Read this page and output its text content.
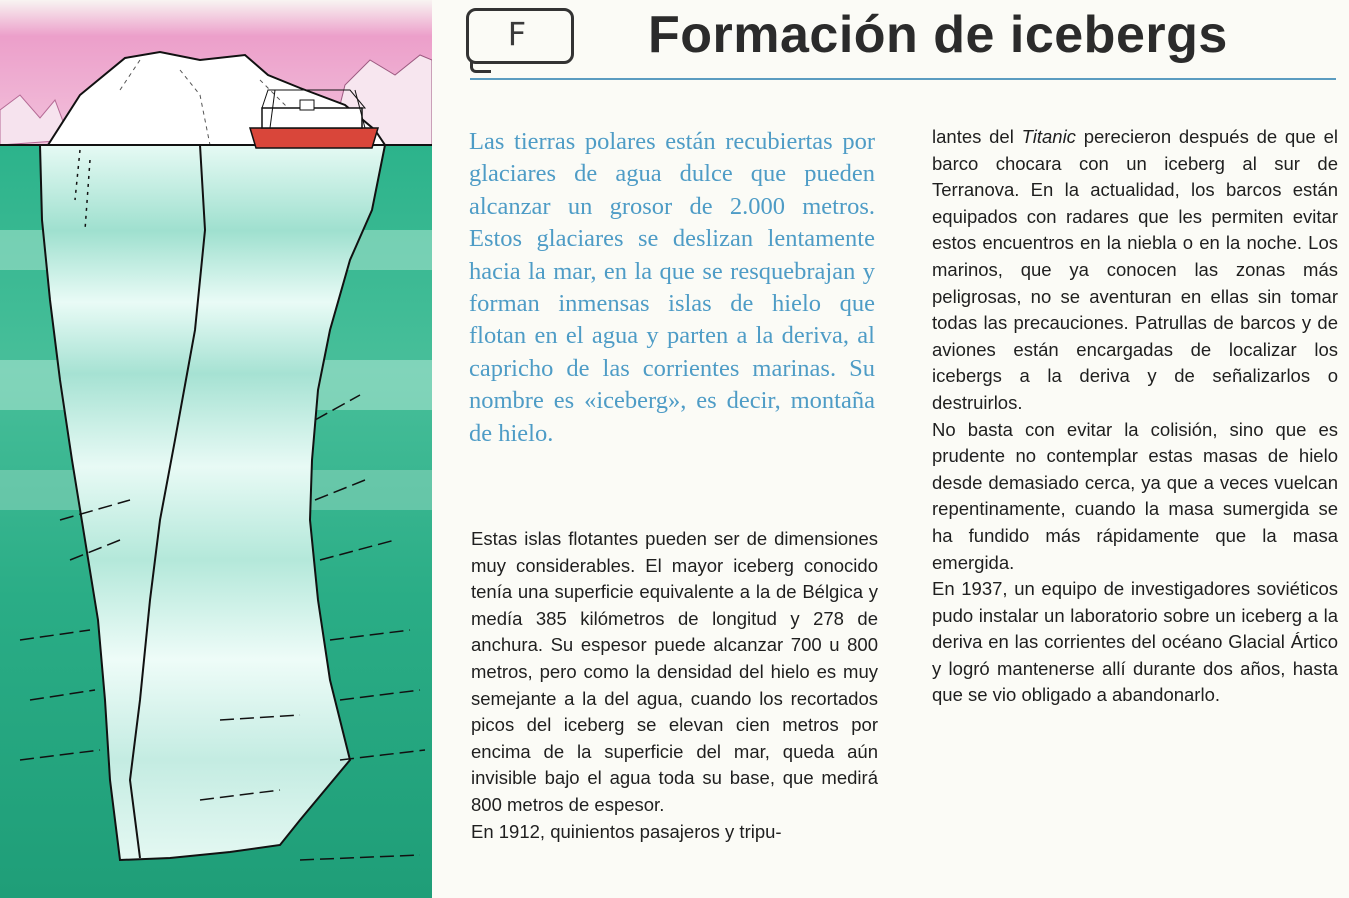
F Formación de icebergs

Las tierras polares están recubiertas por glaciares de agua dulce que pueden alcanzar un grosor de 2.000 metros. Estos glaciares se deslizan lentamente hacia la mar, en la que se resquebrajan y forman inmensas islas de hielo que flotan en el agua y parten a la deriva, al capricho de las corrientes marinas. Su nombre es «iceberg», es decir, montaña de hielo.

Estas islas flotantes pueden ser de dimensiones muy considerables. El mayor iceberg conocido tenía una superficie equivalente a la de Bélgica y medía 385 kilómetros de longitud y 278 de anchura. Su espesor puede alcanzar 700 u 800 metros, pero como la densidad del hielo es muy semejante a la del agua, cuando los recortados picos del iceberg se elevan cien metros por encima de la superficie del mar, queda aún invisible bajo el agua toda su base, que medirá 800 metros de espesor.

En 1912, quinientos pasajeros y tripu-

lantes del Titanic perecieron después de que el barco chocara con un iceberg al sur de Terranova. En la actualidad, los barcos están equipados con radares que les permiten evitar estos encuentros en la niebla o en la noche. Los marinos, que ya conocen las zonas más peligrosas, no se aventuran en ellas sin tomar todas las precauciones. Patrullas de barcos y de aviones están encargadas de localizar los icebergs a la deriva y de señalizarlos o destruirlos.

No basta con evitar la colisión, sino que es prudente no contemplar estas masas de hielo desde demasiado cerca, ya que a veces vuelcan repentinamente, cuando la masa sumergida se ha fundido más rápidamente que la masa emergida.

En 1937, un equipo de investigadores soviéticos pudo instalar un laboratorio sobre un iceberg a la deriva en las corrientes del océano Glacial Ártico y logró mantenerse allí durante dos años, hasta que se vio obligado a abandonarlo.
